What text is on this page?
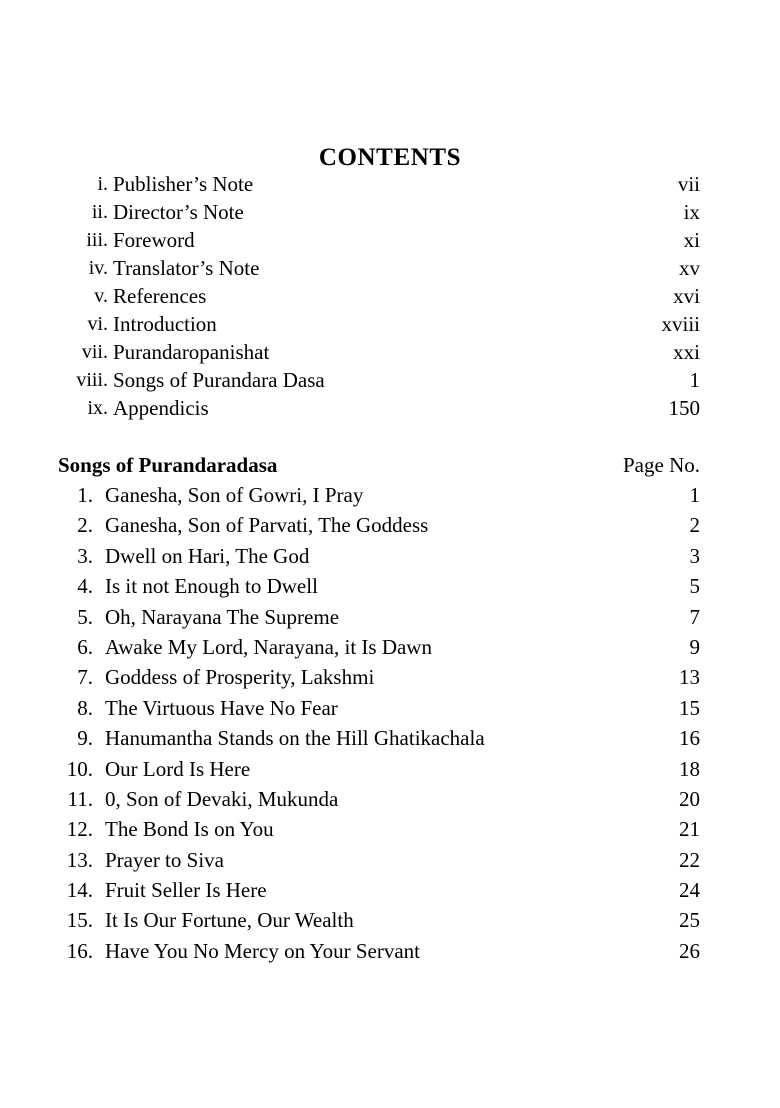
CONTENTS
i. Publisher’s Note	vii
ii. Director’s Note	ix
iii. Foreword	xi
iv. Translator’s Note	xv
v. References	xvi
vi. Introduction	xviii
vii. Purandaropanishat	xxi
viii. Songs of Purandara Dasa	1
ix. Appendicis	150
Songs of Purandaradasa	Page No.
1. Ganesha, Son of Gowri, I Pray	1
2. Ganesha, Son of Parvati, The Goddess	2
3. Dwell on Hari, The God	3
4. Is it not Enough to Dwell	5
5. Oh, Narayana The Supreme	7
6. Awake My Lord, Narayana, it Is Dawn	9
7. Goddess of Prosperity, Lakshmi	13
8. The Virtuous Have No Fear	15
9. Hanumantha Stands on the Hill Ghatikachala	16
10. Our Lord Is Here	18
11. 0, Son of Devaki, Mukunda	20
12. The Bond Is on You	21
13. Prayer to Siva	22
14. Fruit Seller Is Here	24
15. It Is Our Fortune, Our Wealth	25
16. Have You No Mercy on Your Servant	26
